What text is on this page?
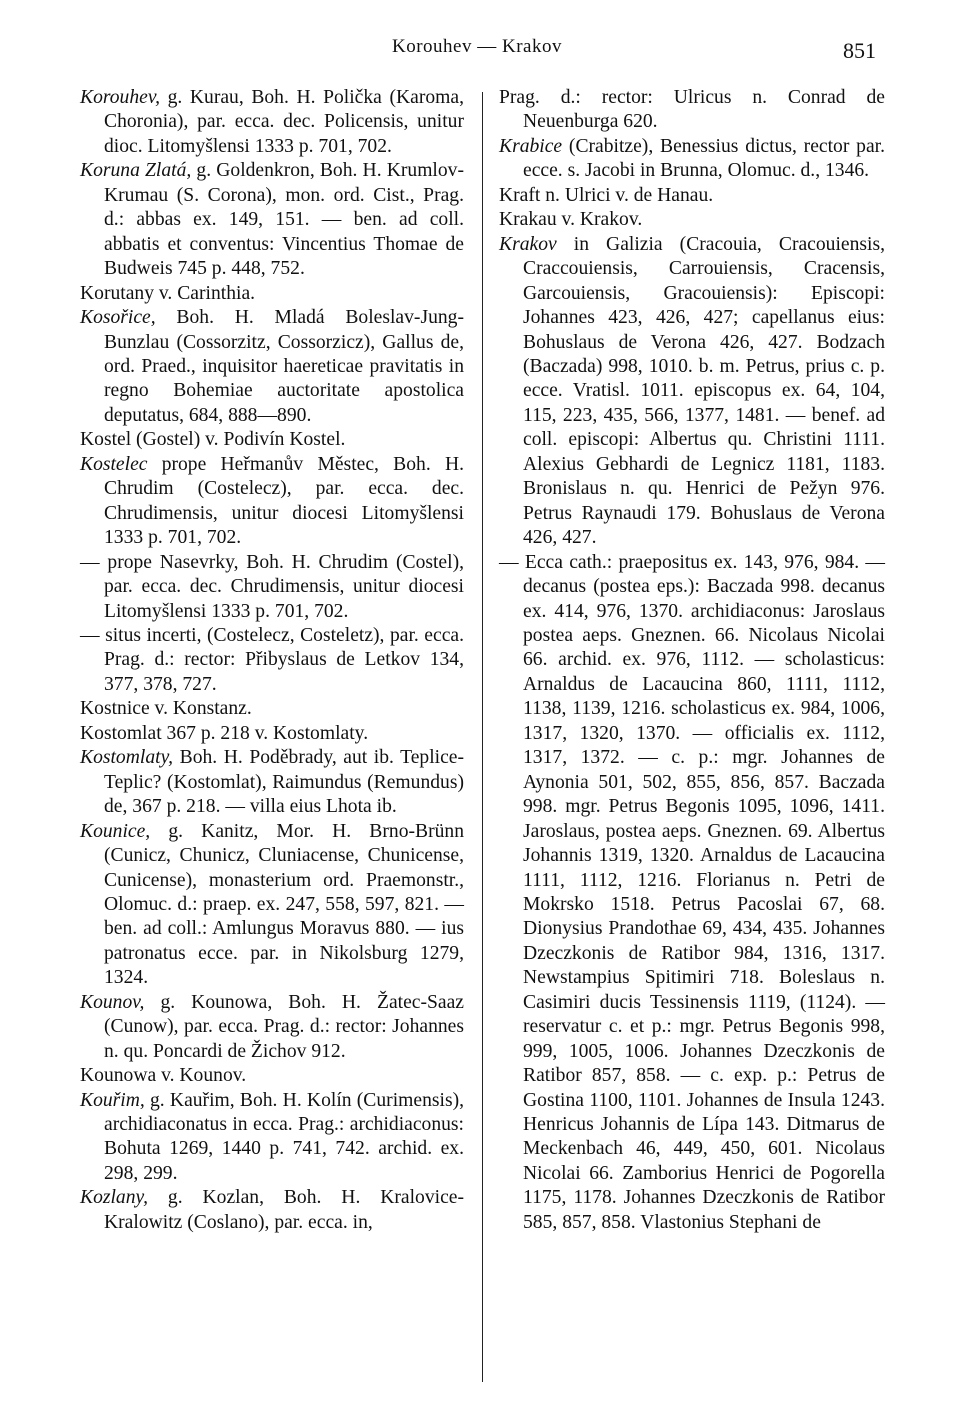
Korouhev — Krakov	851

Korouhev, g. Kurau, Boh. H. Polička (Karoma, Choronia), par. ecca. dec. Policensis, unitur dioc. Litomyšlensi 1333 p. 701, 702.

Koruna Zlatá, g. Goldenkron, Boh. H. Krumlov-Krumau (S. Corona), mon. ord. Cist., Prag. d.: abbas ex. 149, 151. — ben. ad coll. abbatis et conventus: Vincentius Thomae de Budweis 745 p. 448, 752.

Korutany v. Carinthia.

Kosořice, Boh. H. Mladá Boleslav-Jung-Bunzlau (Cossorzitz, Cossorzicz), Gallus de, ord. Praed., inquisitor haereticae pravitatis in regno Bohemiae auctoritate apostolica deputatus, 684, 888—890.

Kostel (Gostel) v. Podivín Kostel.

Kostelec prope Heřmanův Městec, Boh. H. Chrudim (Costelecz), par. ecca. dec. Chrudimensis, unitur diocesi Litomyšlensi 1333 p. 701, 702.

— prope Nasevrky, Boh. H. Chrudim (Costel), par. ecca. dec. Chrudimensis, unitur diocesi Litomyšlensi 1333 p. 701, 702.

— situs incerti, (Costelecz, Costeletz), par. ecca. Prag. d.: rector: Přibyslaus de Letkov 134, 377, 378, 727.

Kostnice v. Konstanz.

Kostomlat 367 p. 218 v. Kostomlaty.

Kostomlaty, Boh. H. Poděbrady, aut ib. Teplice-Teplic? (Kostomlat), Raimundus (Remundus) de, 367 p. 218. — villa eius Lhota ib.

Kounice, g. Kanitz, Mor. H. Brno-Brünn (Cunicz, Chunicz, Cluniacense, Chunicense, Cunicense), monasterium ord. Praemonstr., Olomuc. d.: praep. ex. 247, 558, 597, 821. — ben. ad coll.: Amlungus Moravus 880. — ius patronatus ecce. par. in Nikolsburg 1279, 1324.

Kounov, g. Kounowa, Boh. H. Žatec-Saaz (Cunow), par. ecca. Prag. d.: rector: Johannes n. qu. Poncardi de Žichov 912.

Kounowa v. Kounov.

Kouřim, g. Kauřim, Boh. H. Kolín (Curimensis), archidiaconatus in ecca. Prag.: archidiaconus: Bohuta 1269, 1440 p. 741, 742. archid. ex. 298, 299.

Kozlany, g. Kozlan, Boh. H. Kralovice-Kralowitz (Coslano), par. ecca. in,

Prag. d.: rector: Ulricus n. Conrad de Neuenburga 620.

Krabice (Crabitze), Benessius dictus, rector par. ecce. s. Jacobi in Brunna, Olomuc. d., 1346.

Kraft n. Ulrici v. de Hanau.

Krakau v. Krakov.

Krakov in Galizia (Cracouia, Cracouiensis, Craccouiensis, Carrouiensis, Cracensis, Garcouiensis, Gracouiensis): Episcopi: Johannes 423, 426, 427; capellanus eius: Bohuslaus de Verona 426, 427. Bodzach (Baczada) 998, 1010. b. m. Petrus, prius c. p. ecce. Vratisl. 1011. episcopus ex. 64, 104, 115, 223, 435, 566, 1377, 1481. — benef. ad coll. episcopi: Albertus qu. Christini 1111. Alexius Gebhardi de Legnicz 1181, 1183. Bronislaus n. qu. Henrici de Pežyn 976. Petrus Raynaudi 179. Bohuslaus de Verona 426, 427.

— Ecca cath.: praepositus ex. 143, 976, 984. — decanus (postea eps.): Baczada 998. decanus ex. 414, 976, 1370. archidiaconus: Jaroslaus postea aeps. Gneznen. 66. Nicolaus Nicolai 66. archid. ex. 976, 1112. — scholasticus: Arnaldus de Lacaucina 860, 1111, 1112, 1138, 1139, 1216. scholasticus ex. 984, 1006, 1317, 1320, 1370. — officialis ex. 1112, 1317, 1372. — c. p.: mgr. Johannes de Aynonia 501, 502, 855, 856, 857. Baczada 998. mgr. Petrus Begonis 1095, 1096, 1411. Jaroslaus, postea aeps. Gneznen. 69. Albertus Johannis 1319, 1320. Arnaldus de Lacaucina 1111, 1112, 1216. Florianus n. Petri de Mokrsko 1518. Petrus Pacoslai 67, 68. Dionysius Prandothae 69, 434, 435. Johannes Dzeczkonis de Ratibor 984, 1316, 1317. Newstampius Spitimiri 718. Boleslaus n. Casimiri ducis Tessinensis 1119, (1124). — reservatur c. et p.: mgr. Petrus Begonis 998, 999, 1005, 1006. Johannes Dzeczkonis de Ratibor 857, 858. — c. exp. p.: Petrus de Gostina 1100, 1101. Johannes de Insula 1243. Henricus Johannis de Lípa 143. Ditmarus de Meckenbach 46, 449, 450, 601. Nicolaus Nicolai 66. Zamborius Henrici de Pogorella 1175, 1178. Johannes Dzeczkonis de Ratibor 585, 857, 858. Vlastonius Stephani de
